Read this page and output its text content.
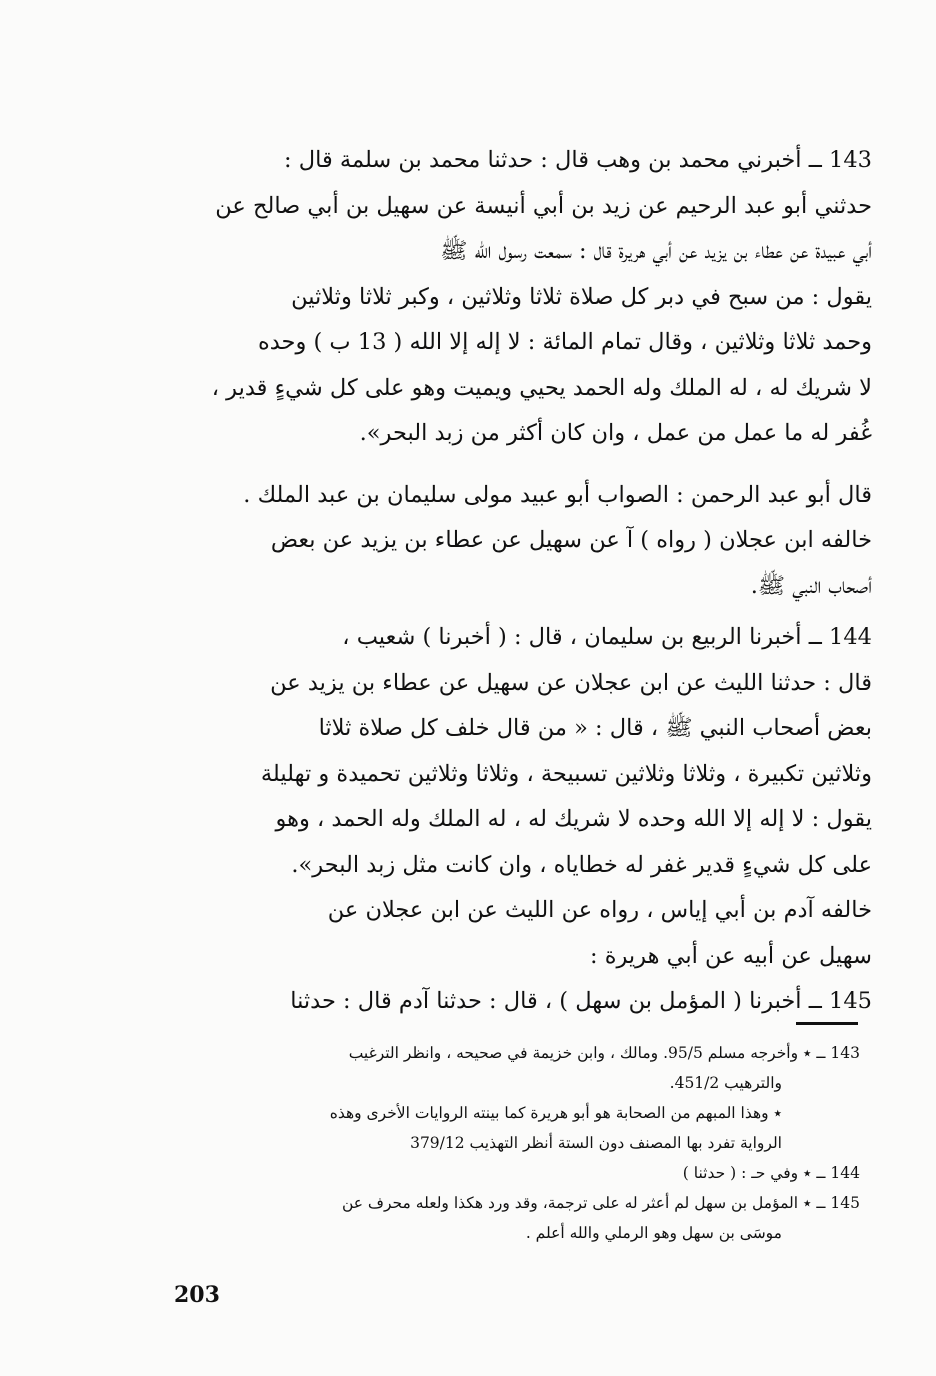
143 ــ أخبرني محمد بن وهب قال : حدثنا محمد بن سلمة قال :
حدثني أبو عبد الرحيم عن زيد بن أبي أنيسة عن سهيل بن أبي صالح عن
أبي عبيدة عن عطاء بن يزيد عن أبي هريرة قال : سمعت رسول الله ﷺ
يقول : من سبح في دبر كل صلاة ثلاثا وثلاثين ، وكبر ثلاثا وثلاثين
وحمد ثلاثا وثلاثين ، وقال تمام المائة : لا إله إلا الله ( 13 ب ) وحده
لا شريك له ، له الملك وله الحمد يحيي ويميت وهو على كل شيءٍ قدير ،
غُفر له ما عمل من عمل ، وان كان أكثر من زبد البحر».
قال أبو عبد الرحمن : الصواب أبو عبيد مولى سليمان بن عبد الملك .
خالفه ابن عجلان ( رواه ) آ عن سهيل عن عطاء بن يزيد عن بعض
أصحاب النبي ﷺ.
144 ــ أخبرنا الربيع بن سليمان ، قال : ( أخبرنا ) شعيب ،
قال : حدثنا الليث عن ابن عجلان عن سهيل عن عطاء بن يزيد عن
بعض أصحاب النبي ﷺ ، قال : « من قال خلف كل صلاة ثلاثا
وثلاثين تكبيرة ، وثلاثا وثلاثين تسبيحة ، وثلاثا وثلاثين تحميدة و تهليلة
يقول : لا إله إلا الله وحده لا شريك له ، له الملك وله الحمد ، وهو
على كل شيءٍ قدير غفر له خطاياه ، وان كانت مثل زبد البحر».
خالفه آدم بن أبي إياس ، رواه عن الليث عن ابن عجلان عن
سهيل عن أبيه عن أبي هريرة :
145 ــ أخبرنا ( المؤمل بن سهل ) ، قال : حدثنا آدم قال : حدثنا
143 ــ ٭ وأخرجه مسلم 95/5. ومالك ، وابن خزيمة في صحيحه ، وانظر الترغيب
والترهيب 451/2.
٭ وهذا المبهم من الصحابة هو أبو هريرة كما بينته الروايات الأخرى وهذه
الرواية تفرد بها المصنف دون الستة أنظر التهذيب 379/12
144 ــ ٭ وفي حـ : ( حدثنا )
145 ــ ٭ المؤمل بن سهل لم أعثر له على ترجمة، وقد ورد هكذا ولعله محرف عن
موسَى بن سهل وهو الرملي والله أعلم .
203
